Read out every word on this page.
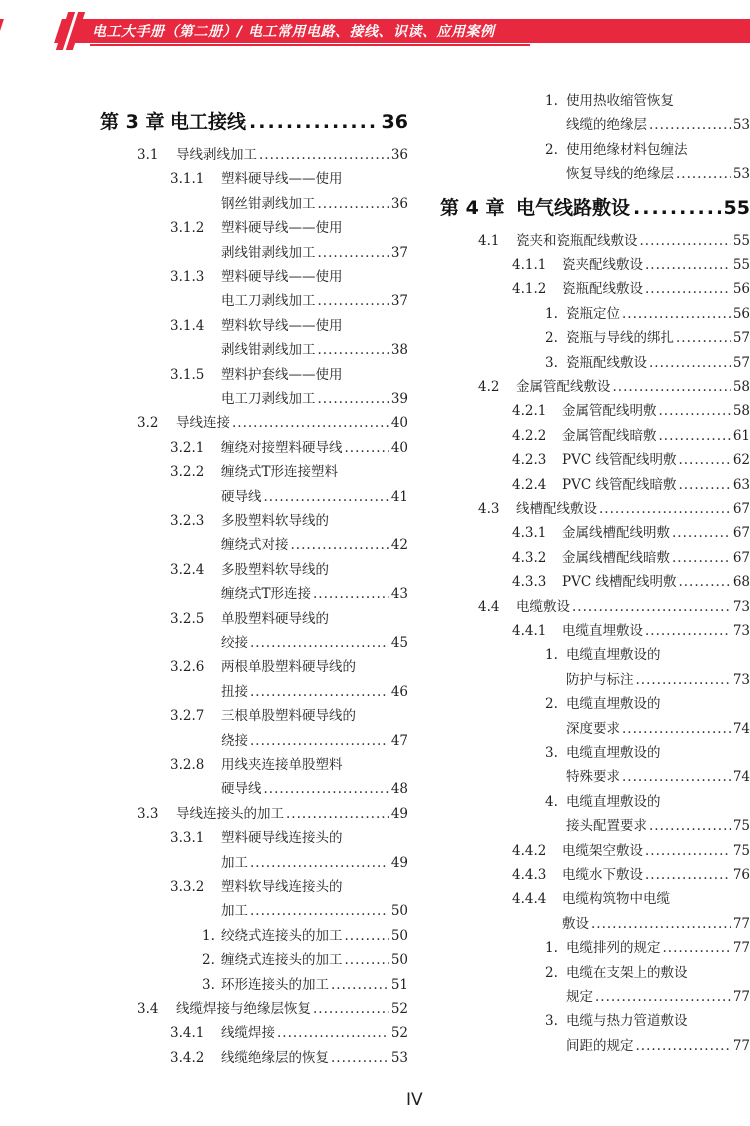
电工大手册（第二册）/ 电工常用电路、接线、识读、应用案例
第 3 章 电工接线 .....	36
3.1	导线剥线加工 .....	36
3.1.1	塑料硬导线——使用
钢丝钳剥线加工 .....	36
3.1.2	塑料硬导线——使用
剥线钳剥线加工 .....	37
3.1.3	塑料硬导线——使用
电工刀剥线加工 .....	37
3.1.4	塑料软导线——使用
剥线钳剥线加工 .....	38
3.1.5	塑料护套线——使用
电工刀剥线加工 .....	39
3.2	导线连接 .....	40
3.2.1	缠绕对接塑料硬导线 .....	40
3.2.2	缠绕式T形连接塑料
硬导线 .....	41
3.2.3	多股塑料软导线的
缠绕式对接 .....	42
3.2.4	多股塑料软导线的
缠绕式T形连接 .....	43
3.2.5	单股塑料硬导线的
绞接 .....	45
3.2.6	两根单股塑料硬导线的
扭接 .....	46
3.2.7	三根单股塑料硬导线的
绕接 .....	47
3.2.8	用线夹连接单股塑料
硬导线 .....	48
3.3	导线连接头的加工 .....	49
3.3.1	塑料硬导线连接头的
加工 .....	49
3.3.2	塑料软导线连接头的
加工 .....	50
1. 绞绕式连接头的加工 .....	50
2. 缠绕式连接头的加工 .....	50
3. 环形连接头的加工 .....	51
3.4	线缆焊接与绝缘层恢复 .....	52
3.4.1	线缆焊接 .....	52
3.4.2	线缆绝缘层的恢复 .....	53
1. 使用热收缩管恢复
线缆的绝缘层 .....	53
2. 使用绝缘材料包缠法
恢复导线的绝缘层 .....	53
第 4 章 电气线路敷设 .....	55
4.1	瓷夹和瓷瓶配线敷设 .....	55
4.1.1	瓷夹配线敷设 .....	55
4.1.2	瓷瓶配线敷设 .....	56
1. 瓷瓶定位 .....	56
2. 瓷瓶与导线的绑扎 .....	57
3. 瓷瓶配线敷设 .....	57
4.2	金属管配线敷设 .....	58
4.2.1	金属管配线明敷 .....	58
4.2.2	金属管配线暗敷 .....	61
4.2.3	PVC 线管配线明敷 .....	62
4.2.4	PVC 线管配线暗敷 .....	63
4.3	线槽配线敷设 .....	67
4.3.1	金属线槽配线明敷 .....	67
4.3.2	金属线槽配线暗敷 .....	67
4.3.3	PVC 线槽配线明敷 .....	68
4.4	电缆敷设 .....	73
4.4.1	电缆直埋敷设 .....	73
1. 电缆直埋敷设的
防护与标注 .....	73
2. 电缆直埋敷设的
深度要求 .....	74
3. 电缆直埋敷设的
特殊要求 .....	74
4. 电缆直埋敷设的
接头配置要求 .....	75
4.4.2	电缆架空敷设 .....	75
4.4.3	电缆水下敷设 .....	76
4.4.4	电缆构筑物中电缆
敷设 .....	77
1. 电缆排列的规定 .....	77
2. 电缆在支架上的敷设
规定 .....	77
3. 电缆与热力管道敷设
间距的规定 .....	77
IV
